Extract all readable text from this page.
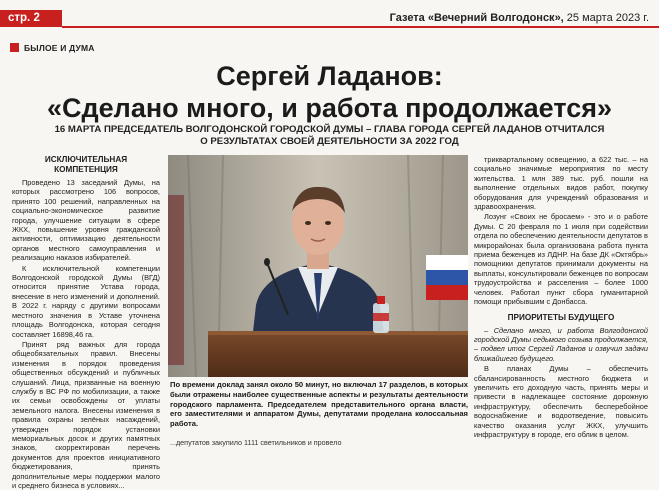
стр. 2	Газета «Вечерний Волгодонск», 25 марта 2023 г.
БЫЛОЕ И ДУМА
Сергей Ладанов:
«Сделано много, и работа продолжается»
16 МАРТА ПРЕДСЕДАТЕЛЬ ВОЛГОДОНСКОЙ ГОРОДСКОЙ ДУМЫ – ГЛАВА ГОРОДА СЕРГЕЙ ЛАДАНОВ ОТЧИТАЛСЯ
О РЕЗУЛЬТАТАХ СВОЕЙ ДЕЯТЕЛЬНОСТИ ЗА 2022 ГОД
ИСКЛЮЧИТЕЛЬНАЯ
КОМПЕТЕНЦИЯ

Проведено 13 заседаний Думы, на которых рассмотрено 106 вопросов, принято 100 решений, направленных на социально-экономическое развитие города, улучшение ситуации в сфере ЖКХ, повышение уровня гражданской активности, оптимизацию деятельности органов местного самоуправления и реализацию наказов избирателей.

К исключительной компетенции Волгодонской городской Думы (ВГД) относится принятие Устава города, внесение в него изменений и дополнений. В 2022 г. наряду с другими вопросами местного значения в Уставе уточнена площадь Волгодонска, которая сегодня составляет 16898,46 га.

Принят ряд важных для города общеобязательных правил. Внесены изменения в порядок проведения общественных обсуждений и публичных слушаний. Лица, призванные на военную службу в ВС РФ по мобилизации, а также их семьи освобождены от уплаты земельного налога. Внесены изменения в правила охраны зелёных насаждений, утвержден порядок установки мемориальных досок и других памятных знаков, скорректирован перечень документов для проектов инициативного бюджетирования, принять дополнительные меры поддержки малого и среднего бизнеса в условиях...

По времени доклад занял около 50 минут, но включал 17 разделов, в которых были отражены наиболее существенные аспекты и результаты деятельности городского парламента. Председателем представительного органа власти, его заместителями и аппаратом Думы, депутатами проделана колоссальная работа.
...депутатов закупило 1111 светильников и провело

триквартальному освещению, а 622 тыс. – на социально значимые мероприятия по месту жительства. 1 млн 389 тыс. руб. пошли на выполнение отдельных видов работ, покупку оборудования для учреждений образования и здравоохранения.

Лозунг «Своих не бросаем» - это и о работе Думы. С 20 февраля по 1 июля при содействии отдела по обеспечению деятельности депутатов в микрорайонах была организована работа пункта приема беженцев из ЛДНР. На базе ДК «Октябрь» помощники депутатов принимали документы на выплаты, консультировали беженцев по вопросам трудоустройства и расселения – более 1000 человек. Работал пункт сбора гуманитарной помощи прибывшим с Донбасса.

ПРИОРИТЕТЫ БУДУЩЕГО

– Сделано много, и работа Волгодонской городской Думы седьмого созыва продолжается, – подвел итог Сергей Ладанов и озвучил задачи ближайшего будущего.

В планах Думы – обеспечить сбалансированность местного бюджета и увеличить его доходную часть, принять меры и привести в надлежащее состояние дорожную инфраструктуру, обеспечить бесперебойное водоснабжение и водоотведение, повысить качество оказания услуг ЖКХ, улучшить инфраструктуру в городе, его облик в целом.
